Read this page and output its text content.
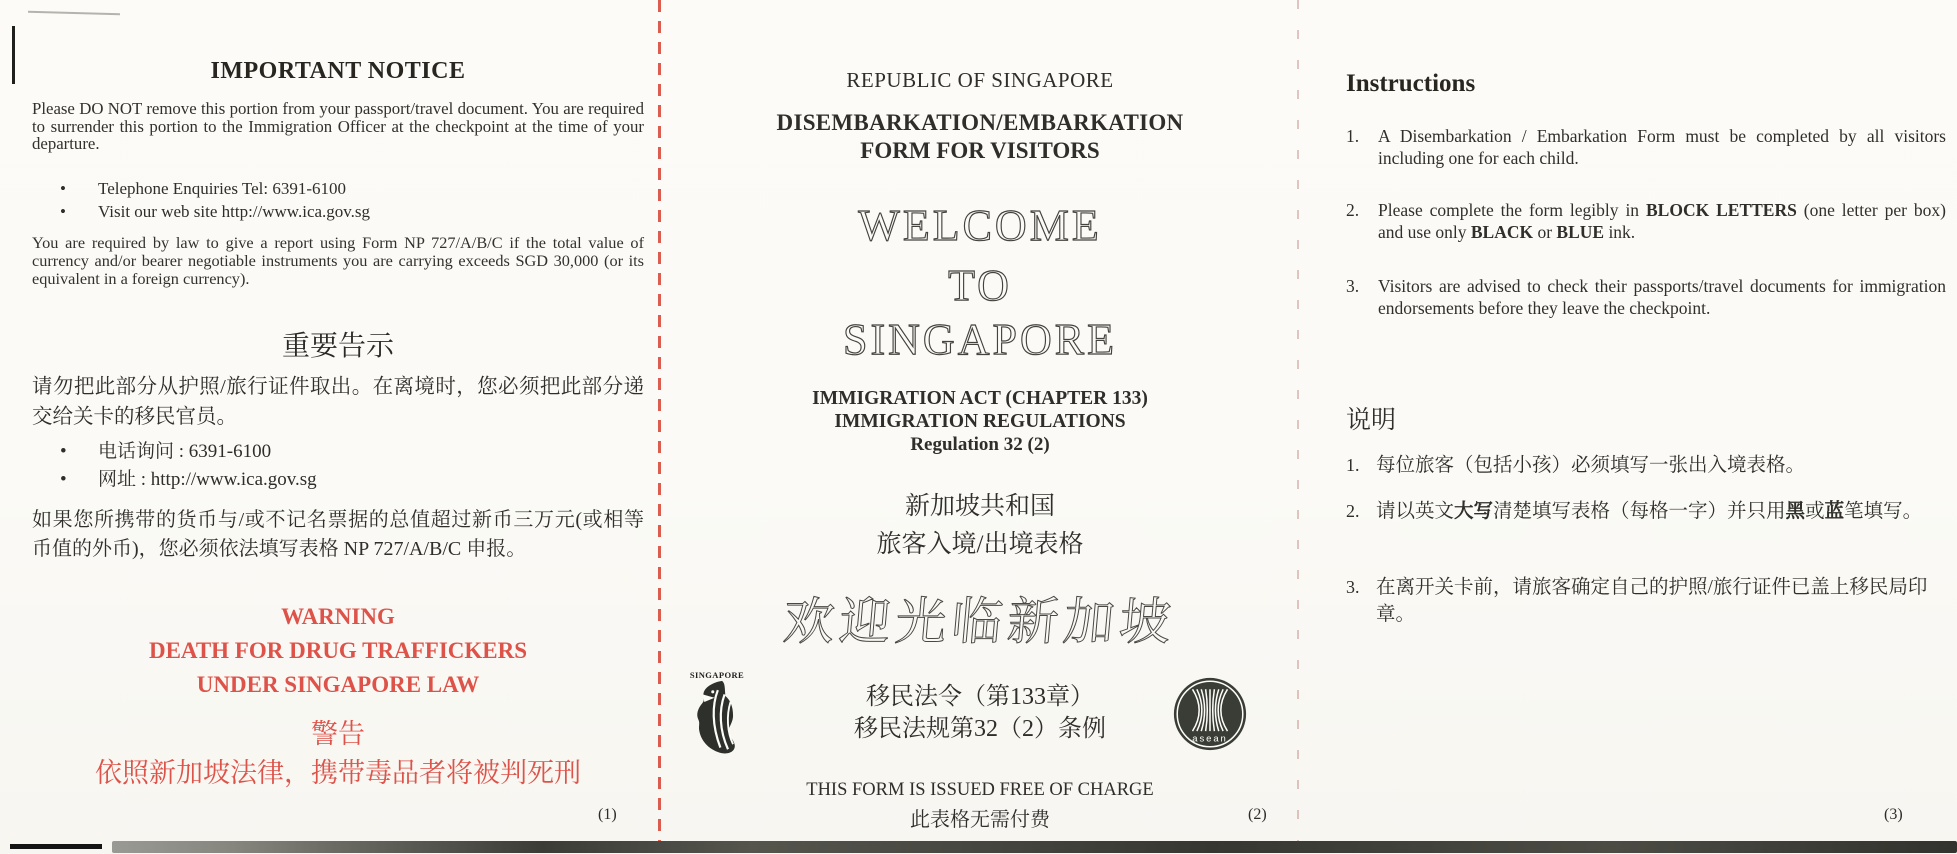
IMPORTANT NOTICE

Please DO NOT remove this portion from your passport/travel document. You are required to surrender this portion to the Immigration Officer at the checkpoint at the time of your departure.

• Telephone Enquiries Tel: 6391-6100
• Visit our web site http://www.ica.gov.sg

You are required by law to give a report using Form NP 727/A/B/C if the total value of currency and/or bearer negotiable instruments you are carrying exceeds SGD 30,000 (or its equivalent in a foreign currency).

重要告示

请勿把此部分从护照/旅行证件取出。在离境时，您必须把此部分递交给关卡的移民官员。

• 电话询问 : 6391-6100
• 网址 : http://www.ica.gov.sg

如果您所携带的货币与/或不记名票据的总值超过新币三万元(或相等币值的外币)，您必须依法填写表格 NP 727/A/B/C 申报。

WARNING
DEATH FOR DRUG TRAFFICKERS
UNDER SINGAPORE LAW
警告
依照新加坡法律，携带毒品者将被判死刑
REPUBLIC OF SINGAPORE
DISEMBARKATION/EMBARKATION
FORM FOR VISITORS
WELCOME
TO
SINGAPORE
IMMIGRATION ACT (CHAPTER 133)
IMMIGRATION REGULATIONS
Regulation 32 (2)
新加坡共和国
旅客入境/出境表格
欢迎光临新加坡
SINGAPORE
移民法令（第133章）
移民法规第32（2）条例	asean
THIS FORM IS ISSUED FREE OF CHARGE
此表格无需付费
Instructions
1.	A Disembarkation / Embarkation Form must be completed by all visitors including one for each child.
2.	Please complete the form legibly in BLOCK LETTERS (one letter per box) and use only BLACK or BLUE ink.
3.	Visitors are advised to check their passports/travel documents for immigration endorsements before they leave the checkpoint.
说明
1. 每位旅客（包括小孩）必须填写一张出入境表格。
2. 请以英文大写清楚填写表格（每格一字）并只用黑或蓝笔填写。
3. 在离开关卡前，请旅客确定自己的护照/旅行证件已盖上移民局印章。
(1)	(2)	(3)
